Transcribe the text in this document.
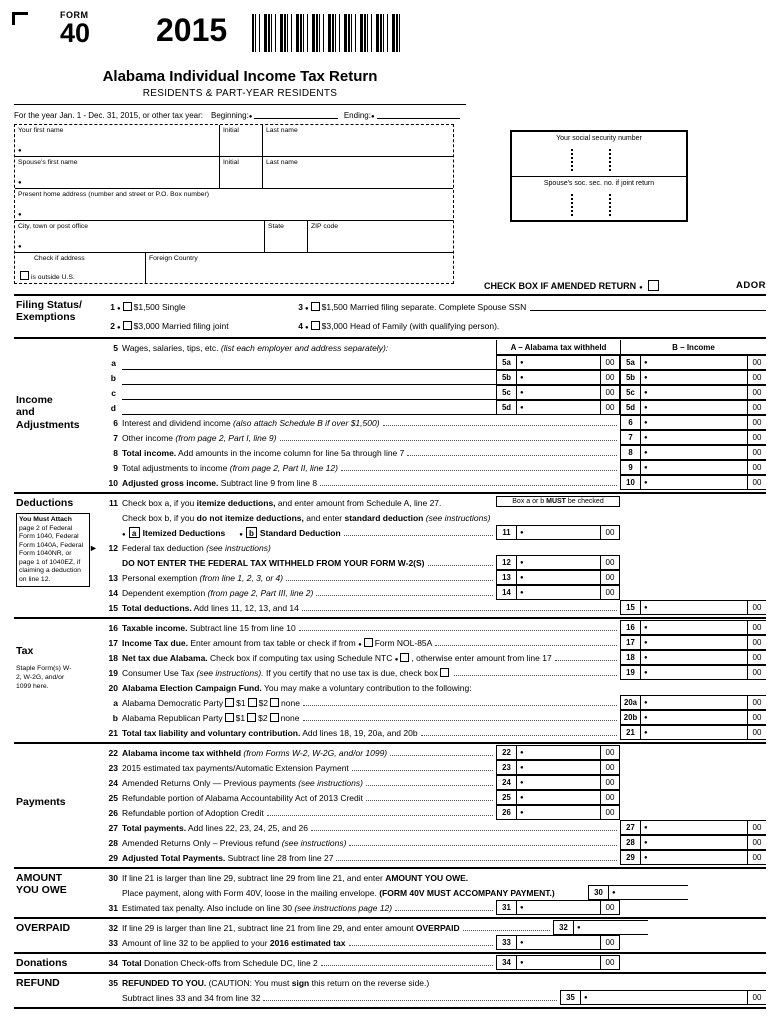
FORM
40 2015
Alabama Individual Income Tax Return
RESIDENTS & PART-YEAR RESIDENTS
For the year Jan. 1 - Dec. 31, 2015, or other tax year: Beginning: ●	Ending:
●
Your first name
●	Initial	Last name
Spouse's first name
●	Initial	Last name
Present home address (number and street or P.O. Box number)
●
City, town or post office
●	State	ZIP code
Check if address
is outside U.S.
Foreign Country
Your social security number
Spouse's soc. sec. no. if joint return
CHECK BOX IF AMENDED RETURN ●	ADOR
Filing Status/
Exemptions
1 ● $1,500 Single	3 ● $1,500 Married filing separate. Complete Spouse SSN
2 ● $3,000 Married filing joint	4 ● $3,000 Head of Family (with qualifying person).
Income
and
Adjustments
5 Wages, salaries, tips, etc. (list each employer and address separately):	A – Alabama tax withheld	B – Income
a	5a ●	00	5a ●	00
b	5b ●	00	5b ●	00
c	5c ●	00	5c ●	00
d	5d ●	00	5d ●	00
6 Interest and dividend income (also attach Schedule B if over $1,500)	6 ●	00
7 Other income (from page 2, Part I, line 9)	7 ●	00
8 Total income. Add amounts in the income column for line 5a through line 7	8 ●	00
9 Total adjustments to income (from page 2, Part II, line 12)	9 ●	00
10 Adjusted gross income. Subtract line 9 from line 8	10 ●	00
Deductions
You Must Attach page 2 of Federal Form 1040, Federal Form 1040A, Federal Form 1040NR, or page 1 of 1040EZ, if claiming a deduction on line 12.
11 Check box a, if you itemize deductions, and enter amount from Schedule A, line 27.	Box a or b MUST be checked
Check box b, if you do not itemize deductions, and enter standard deduction (see instructions)
●a Itemized Deductions ●	b Standard Deduction	11 ●	00
►
12 Federal tax deduction (see instructions)
DO NOT ENTER THE FEDERAL TAX WITHHELD FROM YOUR FORM W-2(S)	12 ●	00
13 Personal exemption (from line 1, 2, 3, or 4)	13 ●	00
14 Dependent exemption (from page 2, Part III, line 2)	14 ●	00
15 Total deductions. Add lines 11, 12, 13, and 14	15 ●	00
Tax
Staple Form(s) W-2, W-2G, and/or 1099 here.
16 Taxable income. Subtract line 15 from line 10	16 ●	00
17 Income Tax due. Enter amount from tax table or check if from ●Form NOL-85A	17 ●	00
18 Net tax due Alabama. Check box if computing tax using Schedule NTC ●, otherwise enter amount from line 17	18 ●	00
19 Consumer Use Tax (see instructions). If you certify that no use tax is due, check box	19 ●	00
20 Alabama Election Campaign Fund. You may make a voluntary contribution to the following:
a Alabama Democratic Party $1 $2 none	20a ●	00
b Alabama Republican Party $1 $2 none	20b ●	00
21 Total tax liability and voluntary contribution. Add lines 18, 19, 20a, and 20b	21 ●	00
Payments
22 Alabama income tax withheld (from Forms W-2, W-2G, and/or 1099)	22 ●	00
23 2015 estimated tax payments/Automatic Extension Payment	23 ●	00
24 Amended Returns Only — Previous payments (see instructions)	24 ●	00
25 Refundable portion of Alabama Accountability Act of 2013 Credit	25 ●	00
26 Refundable portion of Adoption Credit	26 ●	00
27 Total payments. Add lines 22, 23, 24, 25, and 26	27 ●	00
28 Amended Returns Only – Previous refund (see instructions)	28 ●	00
29 Adjusted Total Payments. Subtract line 28 from line 27	29 ●	00
AMOUNT
YOU OWE
30 If line 21 is larger than line 29, subtract line 29 from line 21, and enter AMOUNT YOU OWE.
Place payment, along with Form 40V, loose in the mailing envelope. (FORM 40V MUST ACCOMPANY PAYMENT.)	30
●
31 Estimated tax penalty. Also include on line 30 (see instructions page 12)	31 ●	00
OVERPAID	32 If line 29 is larger than line 21, subtract line 21 from line 29, and enter amount OVERPAID	32
●
33 Amount of line 32 to be applied to your 2016 estimated tax	33 ●	00
Donations	34 Total Donation Check-offs from Schedule DC, line 2	34 ●	00
REFUND	35 REFUNDED TO YOU. (CAUTION: You must sign this return on the reverse side.)
Subtract lines 33 and 34 from line 32	35 ●	00
